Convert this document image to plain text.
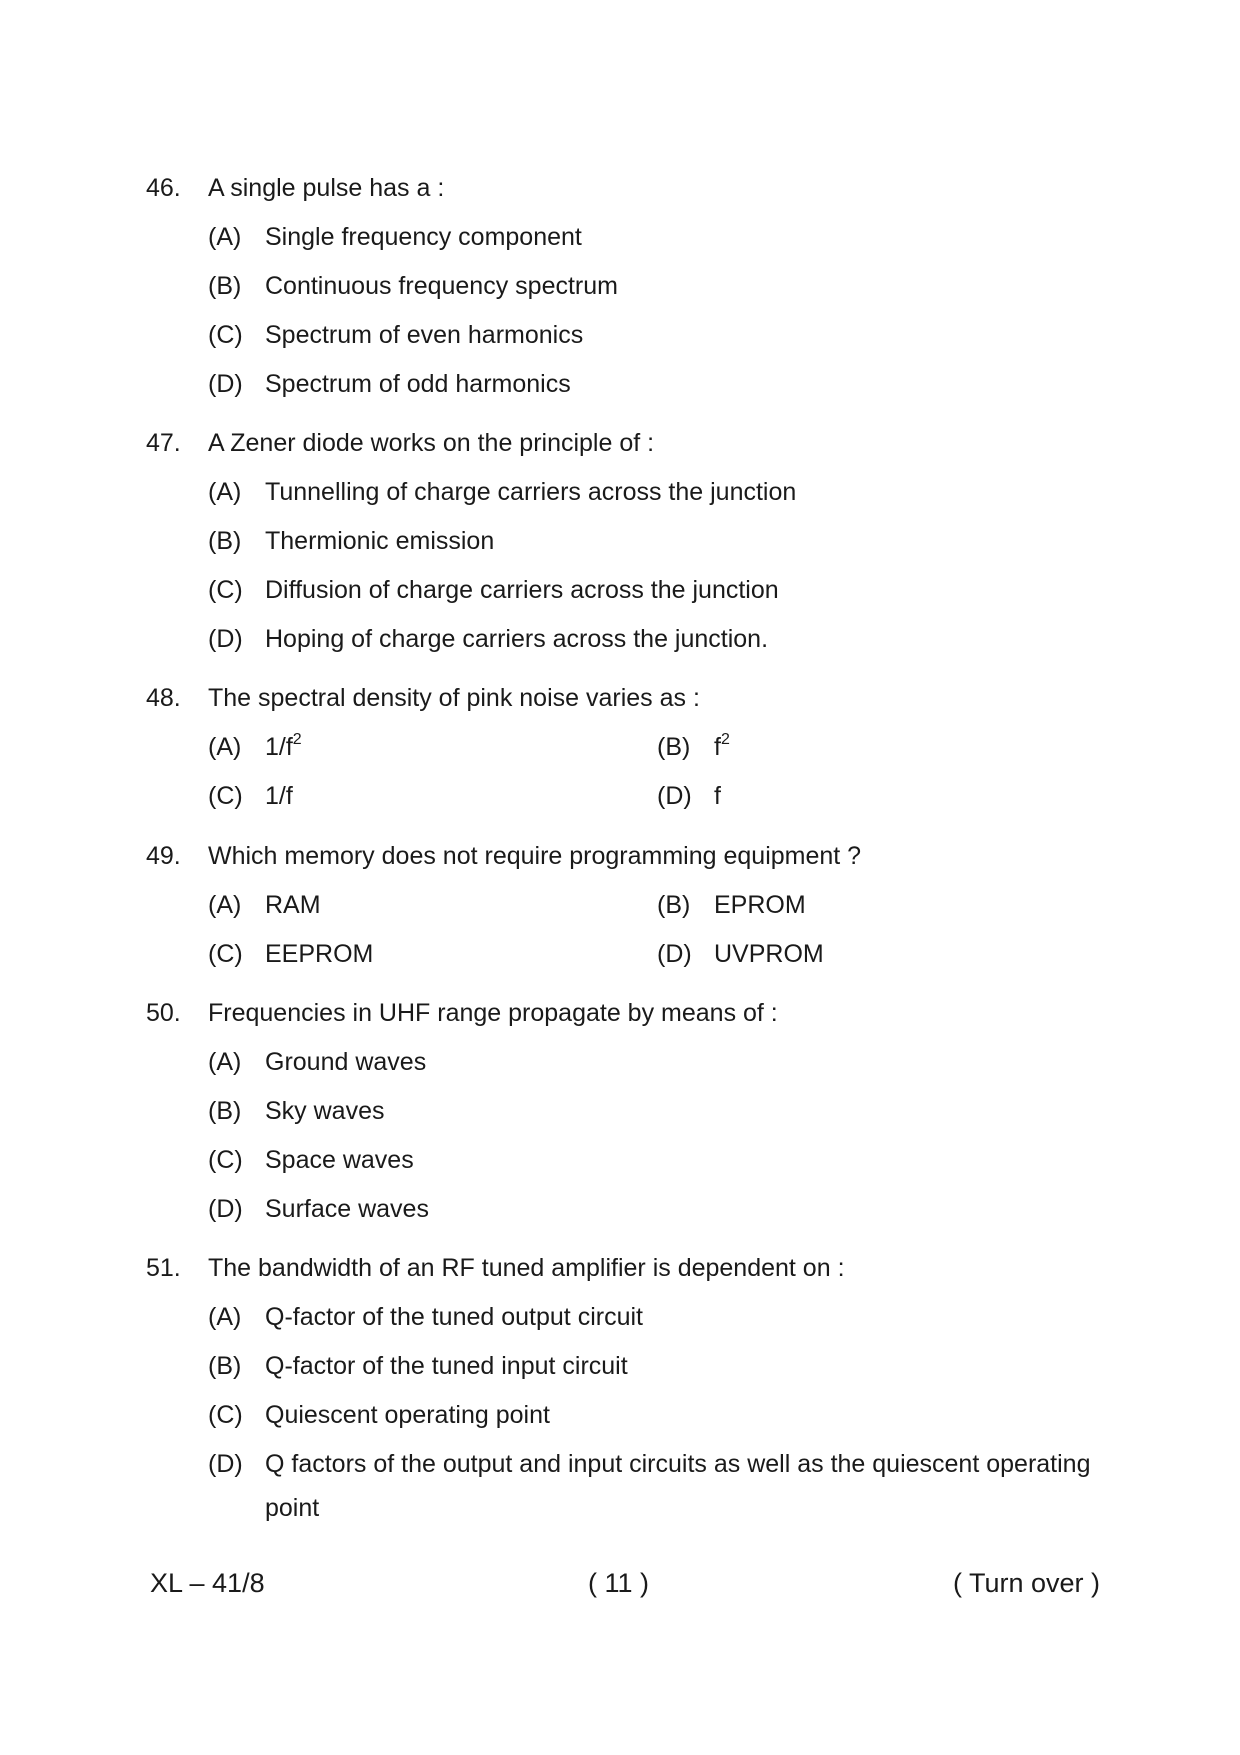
46.	A single pulse has a :
(A) Single frequency component
(B) Continuous frequency spectrum
(C) Spectrum of even harmonics
(D) Spectrum of odd harmonics
47.	A Zener diode works on the principle of :
(A) Tunnelling of charge carriers across the junction
(B) Thermionic emission
(C) Diffusion of charge carriers across the junction
(D) Hoping of charge carriers across the junction.
48.	The spectral density of pink noise varies as :
(A) $1/f^2$	(B) $f^2$
(C) 1/f	(D) f
49.	Which memory does not require programming equipment ?
(A) RAM	(B) EPROM
(C) EEPROM	(D) UVPROM
50.	Frequencies in UHF range propagate by means of :
(A) Ground waves
(B) Sky waves
(C) Space waves
(D) Surface waves
51.	The bandwidth of an RF tuned amplifier is dependent on :
(A) Q-factor of the tuned output circuit
(B) Q-factor of the tuned input circuit
(C) Quiescent operating point
(D) Q factors of the output and input circuits as well as the quiescent operating point
XL – 41/8	( 11 )	( Turn over )
